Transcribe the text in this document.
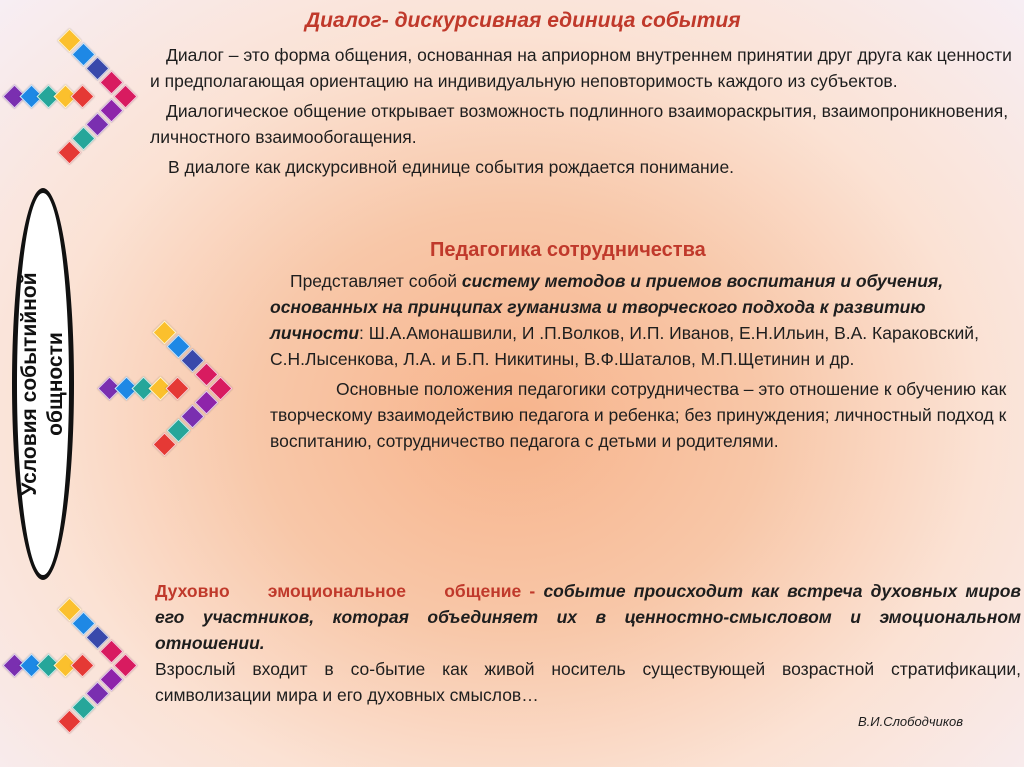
Условия событийной общности
Диалог- дискурсивная единица события

Диалог – это форма общения, основанная на априорном внутреннем принятии друг друга как ценности и предполагающая ориентацию на индивидуальную неповторимость каждого из субъектов.

Диалогическое общение открывает возможность подлинного взаимораскрытия, взаимопроникновения, личностного взаимообогащения.

В диалоге как дискурсивной единице события рождается понимание.

Педагогика сотрудничества

Представляет собой систему методов и приемов воспитания и обучения, основанных на принципах гуманизма и творческого подхода к развитию личности: Ш.А.Амонашвили, И .П.Волков, И.П. Иванов, Е.Н.Ильин, В.А. Караковский, С.Н.Лысенкова, Л.А. и Б.П. Никитины, В.Ф.Шаталов, М.П.Щетинин и др.

Основные положения педагогики сотрудничества – это отношение к обучению как творческому взаимодействию педагога и ребенка; без принуждения; личностный подход к воспитанию, сотрудничество педагога с детьми и родителями.

Духовно эмоциональное общение - событие происходит как встреча духовных миров его участников, которая объединяет их в ценностно-смысловом и эмоциональном отношении.

Взрослый входит в со-бытие как живой носитель существующей возрастной стратификации, символизации мира и его духовных смыслов…

В.И.Слободчиков
